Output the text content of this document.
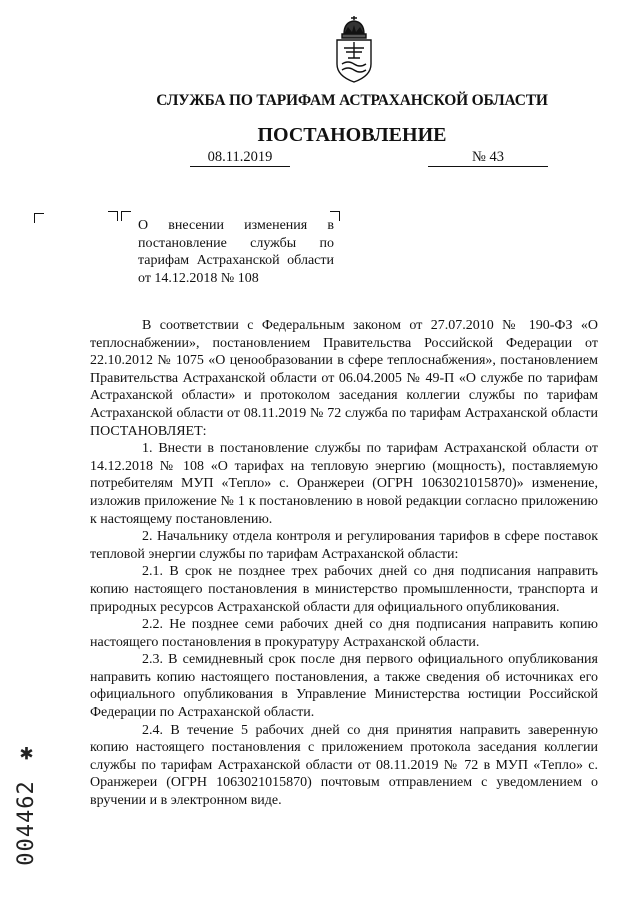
СЛУЖБА ПО ТАРИФАМ АСТРАХАНСКОЙ ОБЛАСТИ
ПОСТАНОВЛЕНИЕ
08.11.2019	№ 43
О внесении изменения в постановление службы по тарифам Астраханской области от 14.12.2018 № 108

В соответствии с Федеральным законом от 27.07.2010 № 190-ФЗ «О теплоснабжении», постановлением Правительства Российской Федерации от 22.10.2012 № 1075 «О ценообразовании в сфере теплоснабжения», постановлением Правительства Астраханской области от 06.04.2005 № 49-П «О службе по тарифам Астраханской области» и протоколом заседания коллегии службы по тарифам Астраханской области от 08.11.2019 № 72 служба по тарифам Астраханской области ПОСТАНОВЛЯЕТ:

1. Внести в постановление службы по тарифам Астраханской области от 14.12.2018 № 108 «О тарифах на тепловую энергию (мощность), поставляемую потребителям МУП «Тепло» с. Оранжереи (ОГРН 1063021015870)» изменение, изложив приложение № 1 к постановлению в новой редакции согласно приложению к настоящему постановлению.

2. Начальнику отдела контроля и регулирования тарифов в сфере поставок тепловой энергии службы по тарифам Астраханской области:

2.1. В срок не позднее трех рабочих дней со дня подписания направить копию настоящего постановления в министерство промышленности, транспорта и природных ресурсов Астраханской области для официального опубликования.

2.2. Не позднее семи рабочих дней со дня подписания направить копию настоящего постановления в прокуратуру Астраханской области.

2.3. В семидневный срок после дня первого официального опубликования направить копию настоящего постановления, а также сведения об источниках его официального опубликования в Управление Министерства юстиции Российской Федерации по Астраханской области.

2.4. В течение 5 рабочих дней со дня принятия направить заверенную копию настоящего постановления с приложением протокола заседания коллегии службы по тарифам Астраханской области от 08.11.2019 № 72 в МУП «Тепло» с. Оранжереи (ОГРН 1063021015870) почтовым отправлением с уведомлением о вручении и в электронном виде.

004462 ✱
